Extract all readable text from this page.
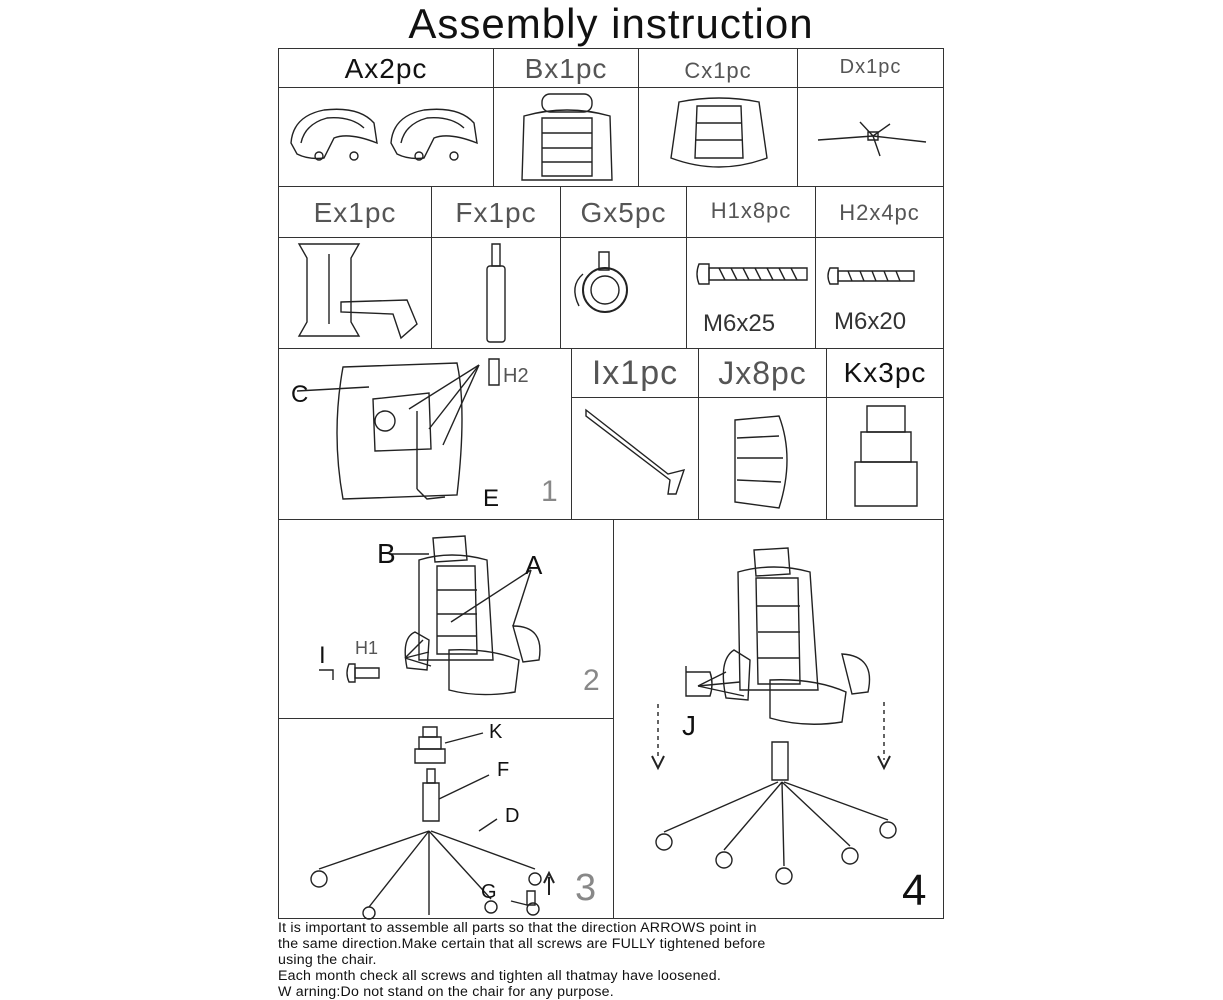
Assembly instruction
Ax2pc	Bx1pc	Cx1pc	Dx1pc
Ex1pc	Fx1pc	Gx5pc	H1x8pc	H2x4pc
M6x25 M6x20
C
E
H2
1
Ix1pc	Jx8pc	Kx3pc
B	A
I H1
2
J
4
K
F
D
G 3
It is important to assemble all parts so that the direction ARROWS point in
the same direction.Make certain that all screws are FULLY tightened before
using the chair.
Each month check all screws and tighten all thatmay have loosened.
W arning:Do not stand on the chair for any purpose.
